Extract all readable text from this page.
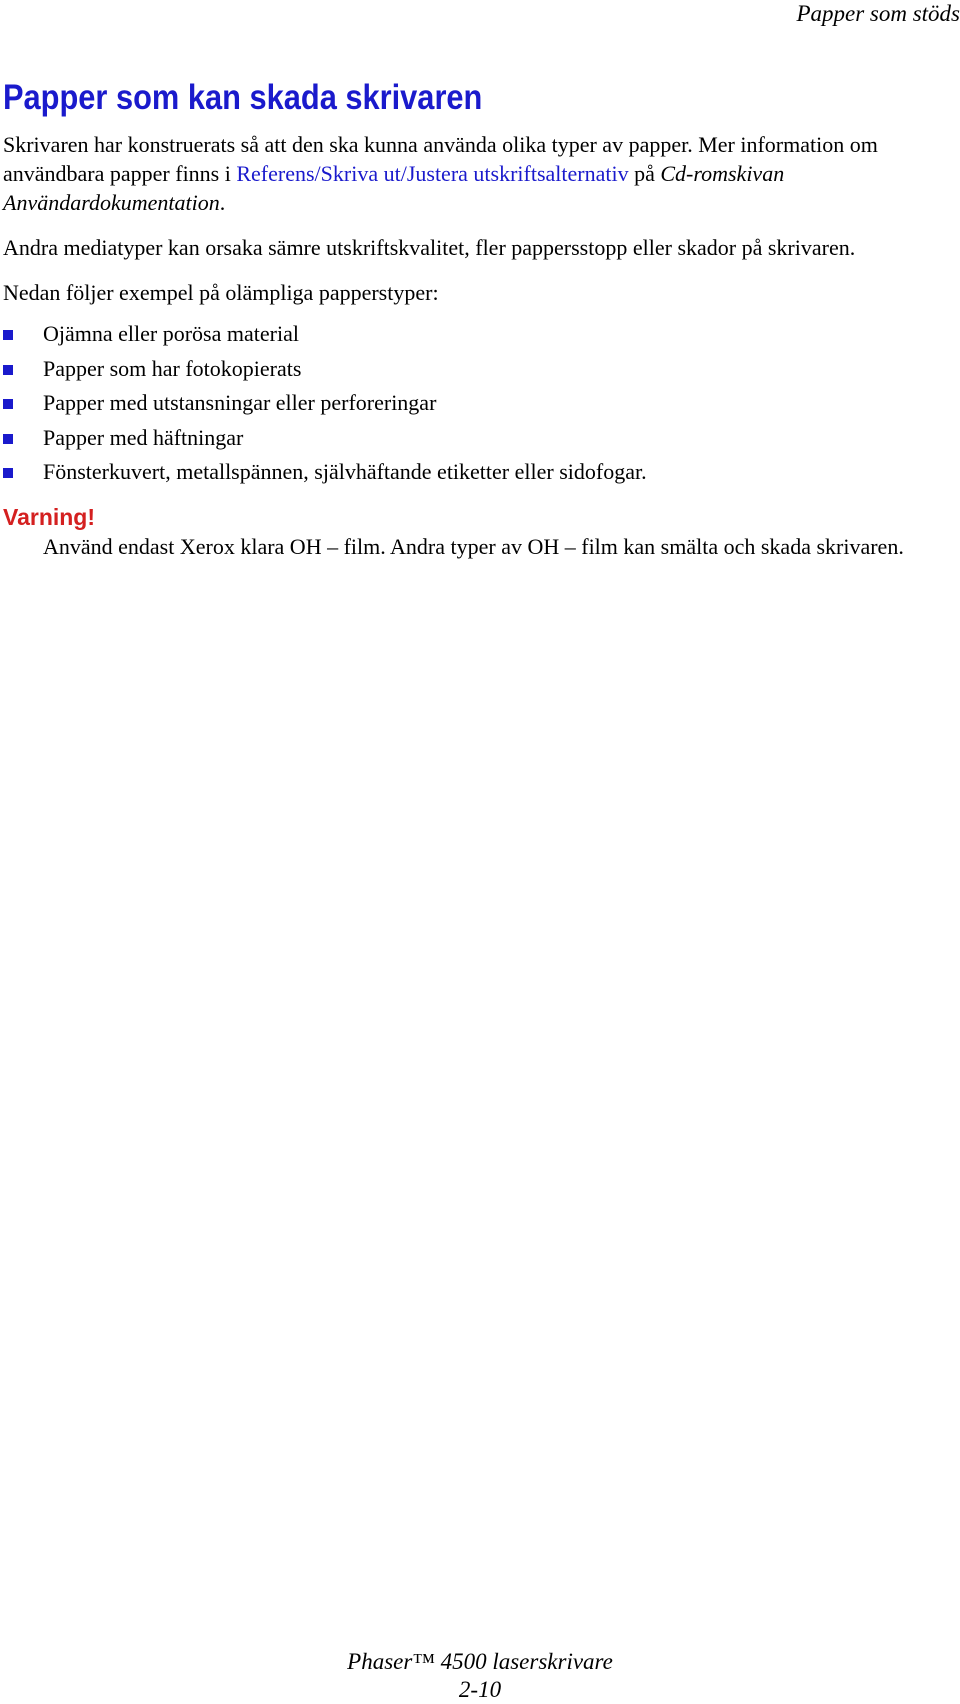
Papper som stöds
Papper som kan skada skrivaren

Skrivaren har konstruerats så att den ska kunna använda olika typer av papper. Mer information om användbara papper finns i Referens/Skriva ut/Justera utskriftsalternativ på Cd-romskivan Användardokumentation.

Andra mediatyper kan orsaka sämre utskriftskvalitet, fler pappersstopp eller skador på skrivaren.

Nedan följer exempel på olämpliga papperstyper:

Ojämna eller porösa material
Papper som har fotokopierats
Papper med utstansningar eller perforeringar
Papper med häftningar
Fönsterkuvert, metallspännen, självhäftande etiketter eller sidofogar.
Varning!

Använd endast Xerox klara OH – film. Andra typer av OH – film kan smälta och skada skrivaren.

Phaser™ 4500 laserskrivare
2-10
